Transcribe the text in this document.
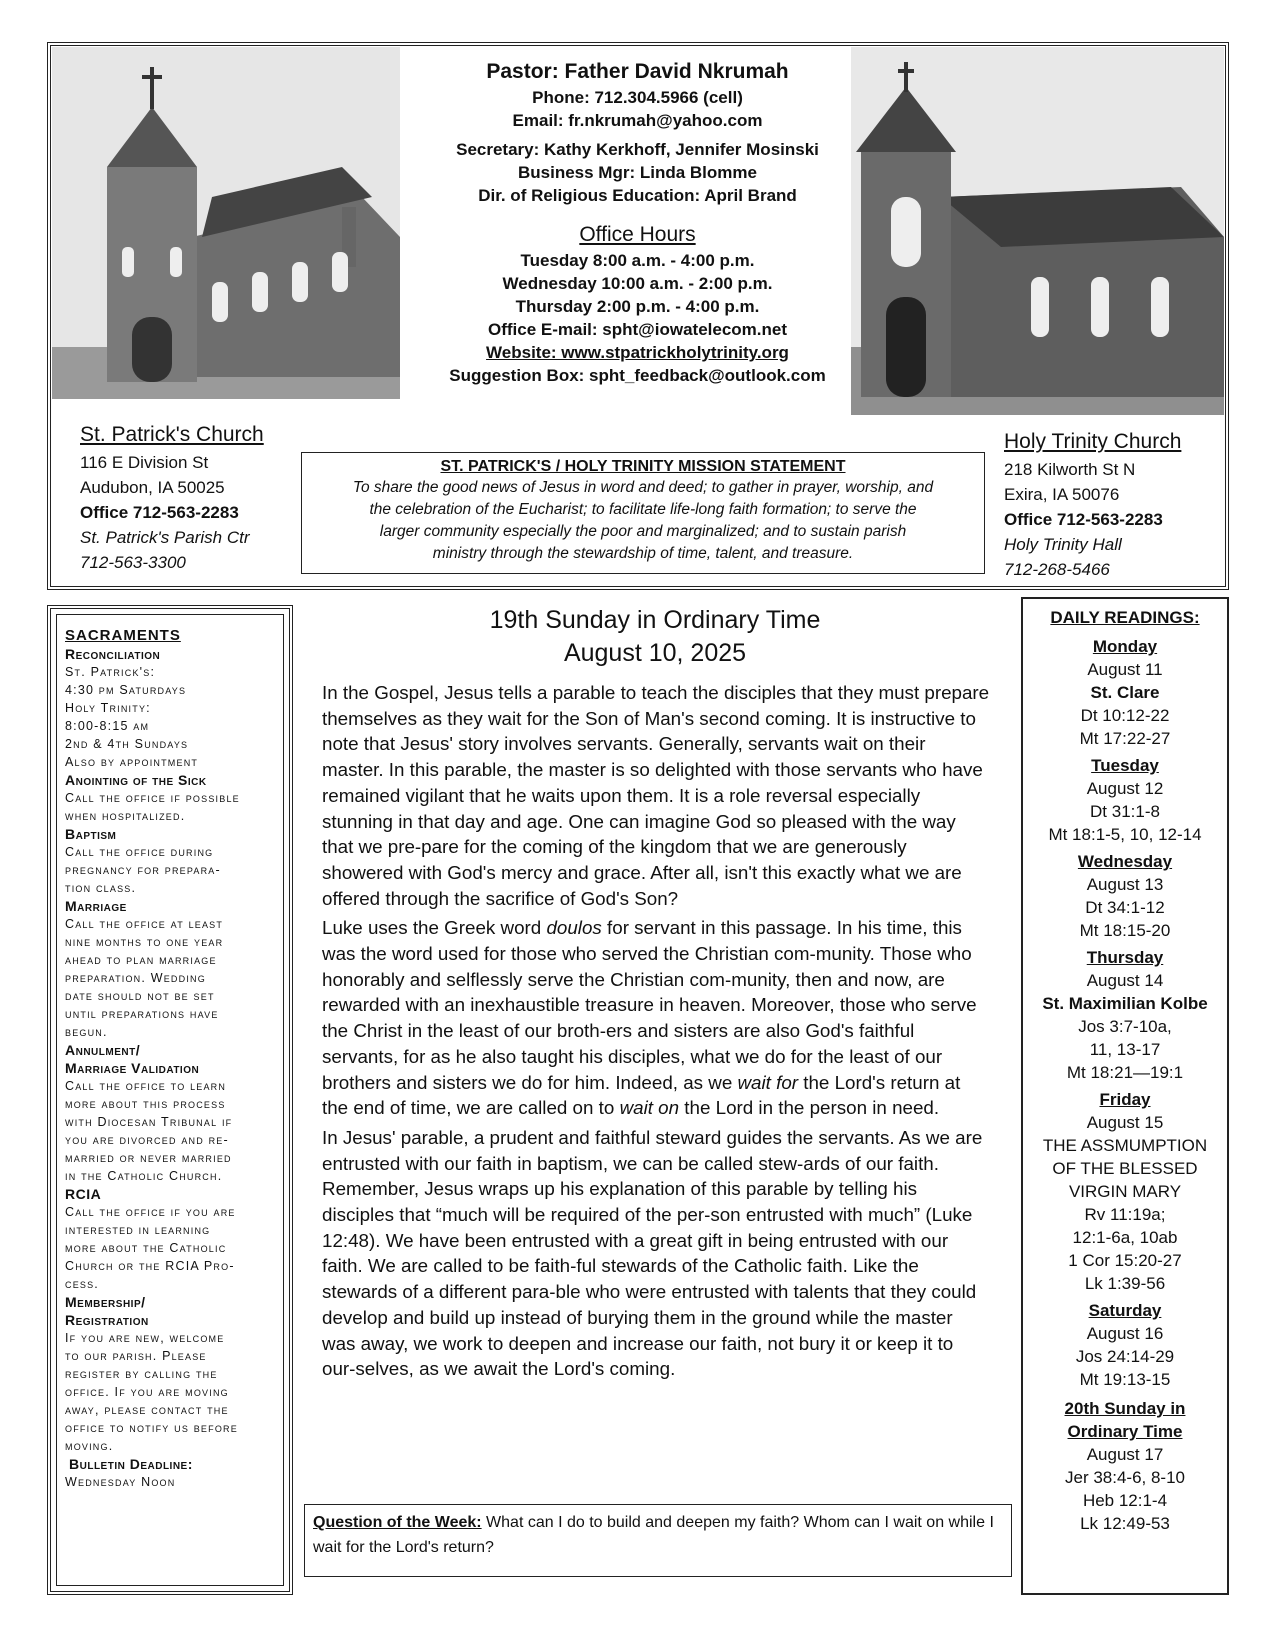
Pastor: Father David Nkrumah
Phone: 712.304.5966 (cell)
Email: fr.nkrumah@yahoo.com
Secretary: Kathy Kerkhoff, Jennifer Mosinski
Business Mgr: Linda Blomme
Dir. of Religious Education: April Brand
Office Hours
Tuesday 8:00 a.m. - 4:00 p.m.
Wednesday 10:00 a.m. - 2:00 p.m.
Thursday 2:00 p.m. - 4:00 p.m.
Office E-mail: spht@iowatelecom.net
Website: www.stpatrickholytrinity.org
Suggestion Box: spht_feedback@outlook.com
St. Patrick's Church
116 E Division St
Audubon, IA 50025
Office 712-563-2283
St. Patrick's Parish Ctr
712-563-3300
Holy Trinity Church
218 Kilworth St N
Exira, IA 50076
Office 712-563-2283
Holy Trinity Hall
712-268-5466
ST. PATRICK'S / HOLY TRINITY MISSION STATEMENT
To share the good news of Jesus in word and deed; to gather in prayer, worship, and
the celebration of the Eucharist; to facilitate life-long faith formation; to serve the
larger community especially the poor and marginalized; and to sustain parish
ministry through the stewardship of time, talent, and treasure.
SACRAMENTS
Reconciliation
St. Patrick's:
4:30 pm Saturdays
Holy Trinity:
8:00-8:15 am
2nd & 4th Sundays
Also by appointment
Anointing of the Sick
Call the office if possible
when hospitalized.
Baptism
Call the office during
pregnancy for prepara-
tion class.
Marriage
Call the office at least
nine months to one year
ahead to plan marriage
preparation. Wedding
date should not be set
until preparations have
begun.
Annulment/
Marriage Validation
Call the office to learn
more about this process
with Diocesan Tribunal if
you are divorced and re-
married or never married
in the Catholic Church.
RCIA
Call the office if you are
interested in learning
more about the Catholic
Church or the RCIA Pro-
cess.
Membership/
Registration
If you are new, welcome
to our parish. Please
register by calling the
office. If you are moving
away, please contact the
office to notify us before
moving.
Bulletin Deadline:
Wednesday Noon
19th Sunday in Ordinary Time
August 10, 2025

In the Gospel, Jesus tells a parable to teach the disciples that they must prepare themselves as they wait for the Son of Man's second coming. It is instructive to note that Jesus' story involves servants. Generally, servants wait on their master. In this parable, the master is so delighted with those servants who have remained vigilant that he waits upon them. It is a role reversal especially stunning in that day and age. One can imagine God so pleased with the way that we pre-pare for the coming of the kingdom that we are generously showered with God's mercy and grace. After all, isn't this exactly what we are offered through the sacrifice of God's Son?

Luke uses the Greek word doulos for servant in this passage. In his time, this was the word used for those who served the Christian com-munity. Those who honorably and selflessly serve the Christian com-munity, then and now, are rewarded with an inexhaustible treasure in heaven. Moreover, those who serve the Christ in the least of our broth-ers and sisters are also God's faithful servants, for as he also taught his disciples, what we do for the least of our brothers and sisters we do for him. Indeed, as we wait for the Lord's return at the end of time, we are called on to wait on the Lord in the person in need.

In Jesus' parable, a prudent and faithful steward guides the servants. As we are entrusted with our faith in baptism, we can be called stew-ards of our faith. Remember, Jesus wraps up his explanation of this parable by telling his disciples that “much will be required of the per-son entrusted with much” (Luke 12:48). We have been entrusted with a great gift in being entrusted with our faith. We are called to be faith-ful stewards of the Catholic faith. Like the stewards of a different para-ble who were entrusted with talents that they could develop and build up instead of burying them in the ground while the master was away, we work to deepen and increase our faith, not bury it or keep it to our-selves, as we await the Lord's coming.

Question of the Week: What can I do to build and deepen my faith? Whom can I wait on while I wait for the Lord's return?
DAILY READINGS:
Monday
August 11
St. Clare
Dt 10:12-22
Mt 17:22-27
Tuesday
August 12
Dt 31:1-8
Mt 18:1-5, 10, 12-14
Wednesday
August 13
Dt 34:1-12
Mt 18:15-20
Thursday
August 14
St. Maximilian Kolbe
Jos 3:7-10a,
11, 13-17
Mt 18:21—19:1
Friday
August 15
THE ASSMUMPTION
OF THE BLESSED
VIRGIN MARY
Rv 11:19a;
12:1-6a, 10ab
1 Cor 15:20-27
Lk 1:39-56
Saturday
August 16
Jos 24:14-29
Mt 19:13-15
20th Sunday in
Ordinary Time
August 17
Jer 38:4-6, 8-10
Heb 12:1-4
Lk 12:49-53
